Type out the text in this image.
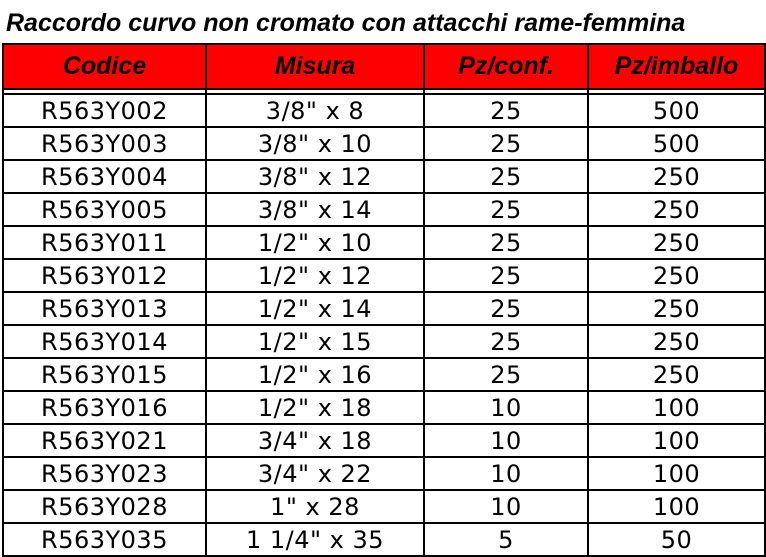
Raccordo curvo non cromato con attacchi rame-femmina
Codice	Misura	Pz/conf.	Pz/imballo

R563Y002	3/8" x 8	25	500
R563Y003	3/8" x 10	25	500
R563Y004	3/8" x 12	25	250
R563Y005	3/8" x 14	25	250
R563Y011	1/2" x 10	25	250
R563Y012	1/2" x 12	25	250
R563Y013	1/2" x 14	25	250
R563Y014	1/2" x 15	25	250
R563Y015	1/2" x 16	25	250
R563Y016	1/2" x 18	10	100
R563Y021	3/4" x 18	10	100
R563Y023	3/4" x 22	10	100
R563Y028	1" x 28	10	100
R563Y035	1 1/4" x 35	5	50
